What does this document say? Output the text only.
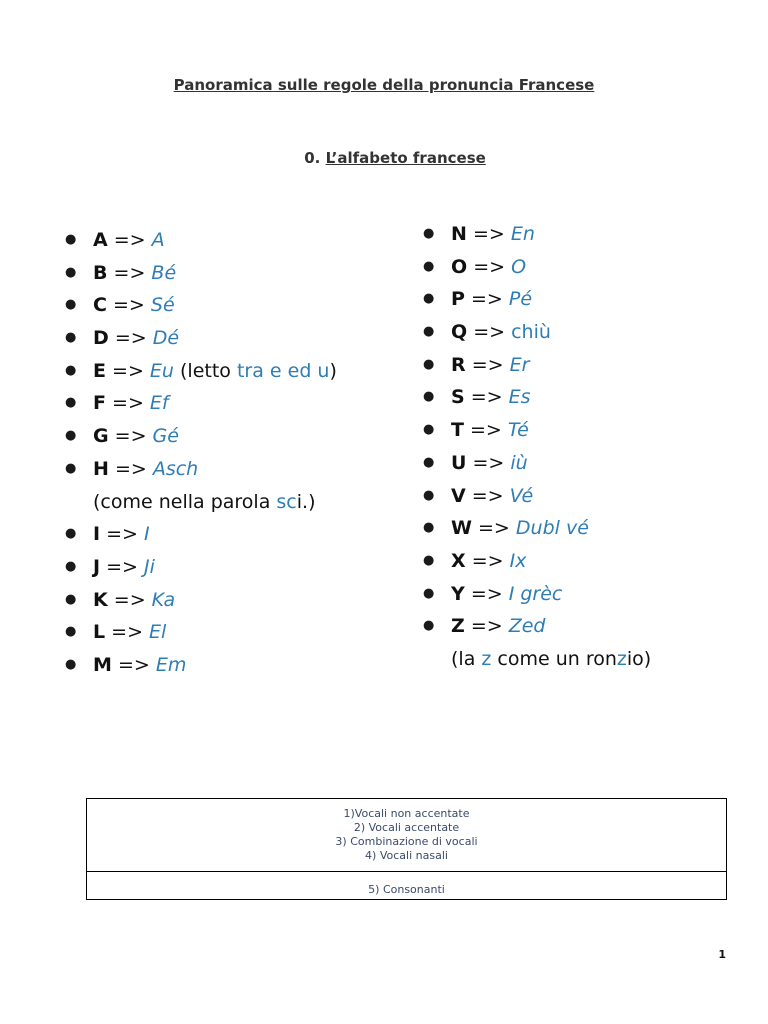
Panoramica sulle regole della pronuncia Francese
0. L’alfabeto francese
● A => A
● B => Bé
● C => Sé
● D => Dé
● E => Eu (letto tra e ed u)
● F => Ef
● G => Gé
● H => Asch
(come nella parola sci.)
● I => I
● J => Ji
● K => Ka
● L => El
● M => Em
● N => En
● O => O
● P => Pé
● Q => chiù
● R => Er
● S => Es
● T => Té
● U => iù
● V => Vé
● W => Dubl vé
● X => Ix
● Y => I grèc
● Z => Zed
(la z come un ronzio)
1)Vocali non accentate
2) Vocali accentate
3) Combinazione di vocali
4) Vocali nasali
5) Consonanti
1
